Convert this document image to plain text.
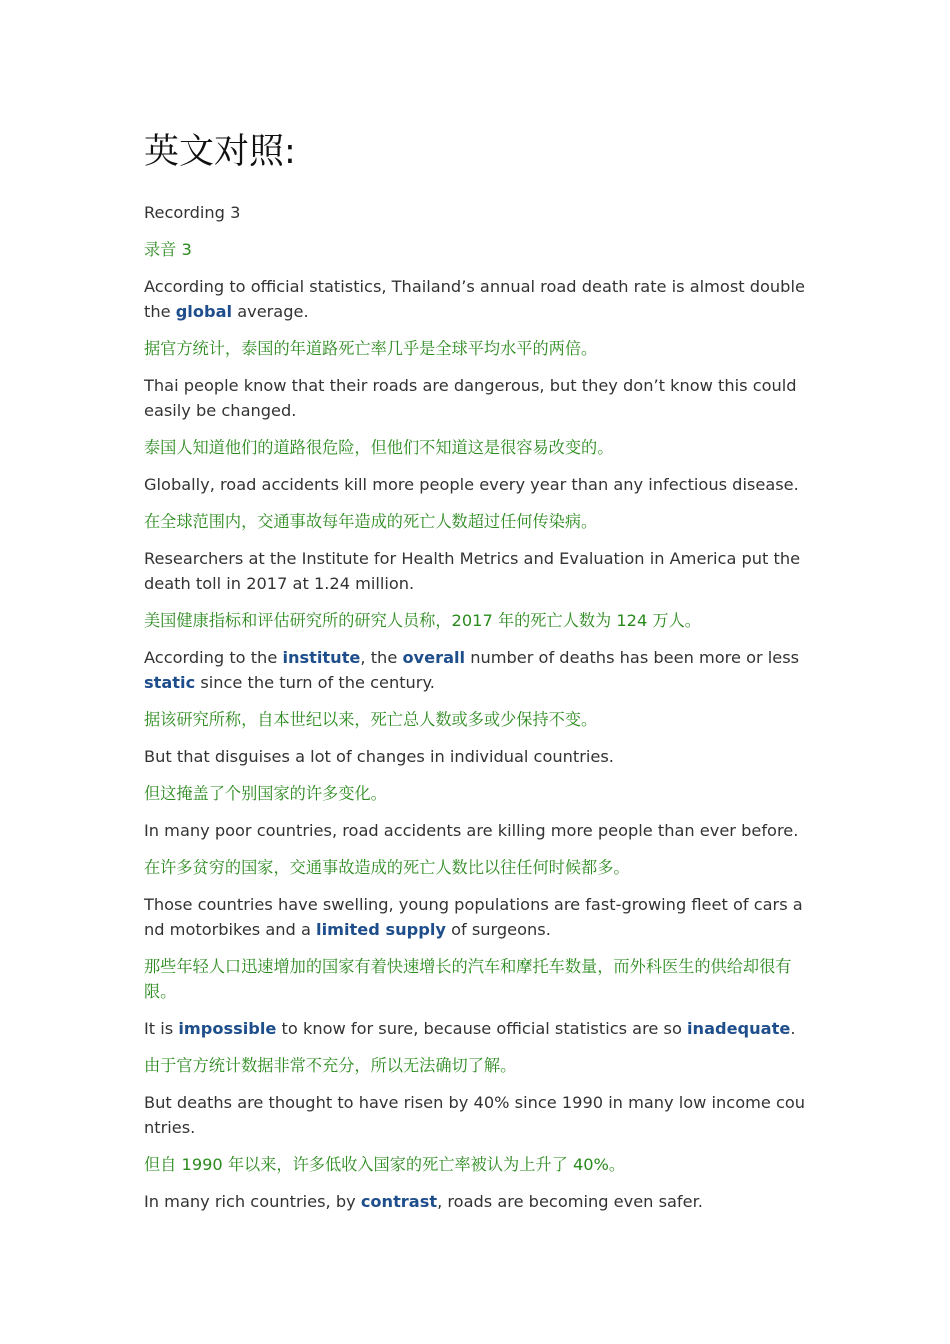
英文对照:

Recording 3

录音 3

According to official statistics, Thailand’s annual road death rate is almost double the global average.

据官方统计，泰国的年道路死亡率几乎是全球平均水平的两倍。

Thai people know that their roads are dangerous, but they don’t know this could easily be changed.

泰国人知道他们的道路很危险，但他们不知道这是很容易改变的。

Globally, road accidents kill more people every year than any infectious disease.

在全球范围内，交通事故每年造成的死亡人数超过任何传染病。

Researchers at the Institute for Health Metrics and Evaluation in America put the death toll in 2017 at 1.24 million.

美国健康指标和评估研究所的研究人员称，2017 年的死亡人数为 124 万人。

According to the institute, the overall number of deaths has been more or less static since the turn of the century.

据该研究所称，自本世纪以来，死亡总人数或多或少保持不变。

But that disguises a lot of changes in individual countries.

但这掩盖了个别国家的许多变化。

In many poor countries, road accidents are killing more people than ever before.

在许多贫穷的国家，交通事故造成的死亡人数比以往任何时候都多。

Those countries have swelling, young populations are fast-growing fleet of cars and motorbikes and a limited supply of surgeons.

那些年轻人口迅速增加的国家有着快速增长的汽车和摩托车数量，而外科医生的供给却很有限。

It is impossible to know for sure, because official statistics are so inadequate.

由于官方统计数据非常不充分，所以无法确切了解。

But deaths are thought to have risen by 40% since 1990 in many low income countries.

但自 1990 年以来，许多低收入国家的死亡率被认为上升了 40%。

In many rich countries, by contrast, roads are becoming even safer.
